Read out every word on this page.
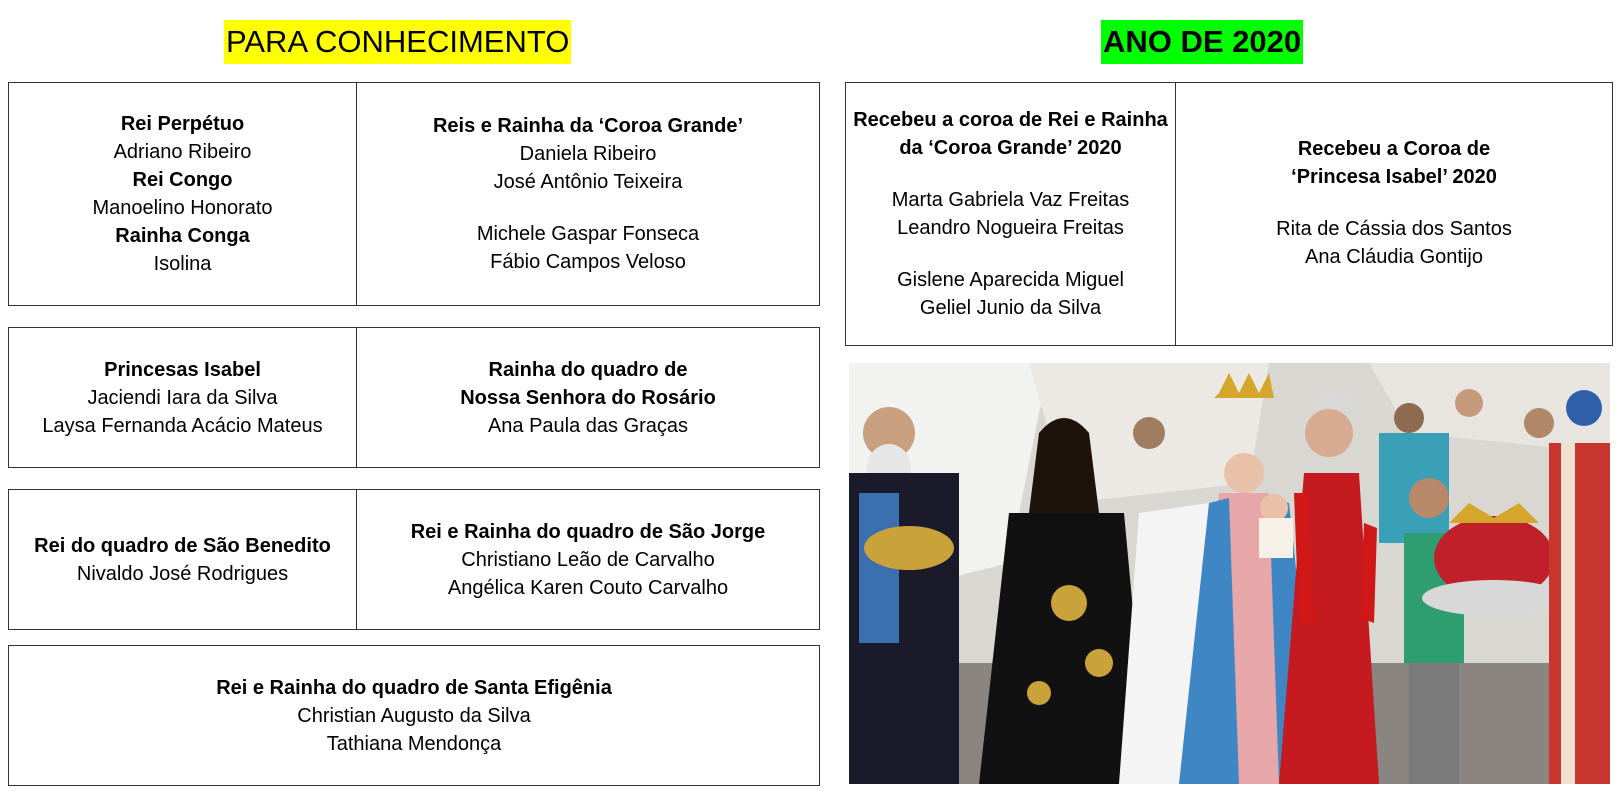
PARA CONHECIMENTO	ANO DE 2020
Rei Perpétuo
Adriano Ribeiro
Rei Congo
Manoelino Honorato
Rainha Conga
Isolina
Reis e Rainha da ‘Coroa Grande’
Daniela Ribeiro
José Antônio Teixeira
Michele Gaspar Fonseca
Fábio Campos Veloso
Princesas Isabel
Jaciendi Iara da Silva
Laysa Fernanda Acácio Mateus
Rainha do quadro de
Nossa Senhora do Rosário
Ana Paula das Graças
Rei do quadro de São Benedito
Nivaldo José Rodrigues
Rei e Rainha do quadro de São Jorge
Christiano Leão de Carvalho
Angélica Karen Couto Carvalho
Rei e Rainha do quadro de Santa Efigênia
Christian Augusto da Silva
Tathiana Mendonça
Recebeu a coroa de Rei e Rainha
da ‘Coroa Grande’ 2020
Marta Gabriela Vaz Freitas
Leandro Nogueira Freitas
Gislene Aparecida Miguel
Geliel Junio da Silva
Recebeu a Coroa de
‘Princesa Isabel’ 2020
Rita de Cássia dos Santos
Ana Cláudia Gontijo
